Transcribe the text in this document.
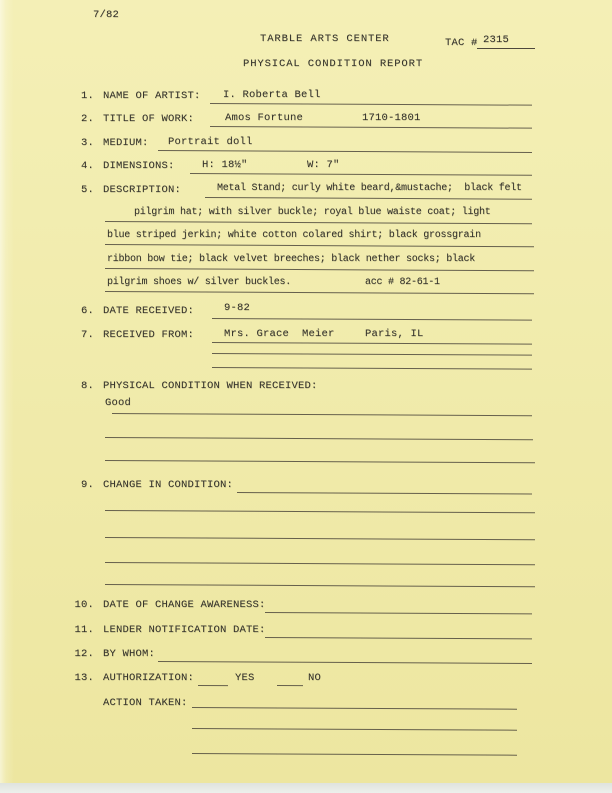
7/82
TARBLE ARTS CENTER	TAC # 2315
PHYSICAL CONDITION REPORT
1. NAME OF ARTIST: I. Roberta Bell
2. TITLE OF WORK:	Amos Fortune	1710-1801
3. MEDIUM: Portrait doll
4. DIMENSIONS:	H: 18½"	W: 7"
5. DESCRIPTION:	Metal Stand; curly white beard,&mustache;  black felt
pilgrim hat; with silver buckle; royal blue waiste coat; light
blue striped jerkin; white cotton colared shirt; black grossgrain
ribbon bow tie; black velvet breeches; black nether socks; black
pilgrim shoes w/ silver buckles.	acc # 82-61-1
6. DATE RECEIVED:	9-82
7. RECEIVED FROM:	Mrs. Grace  Meier	Paris, IL
8. PHYSICAL CONDITION WHEN RECEIVED:
Good
9. CHANGE IN CONDITION:
10. DATE OF CHANGE AWARENESS:
11. LENDER NOTIFICATION DATE:
12. BY WHOM:
13. AUTHORIZATION:	YES	NO
ACTION TAKEN:
